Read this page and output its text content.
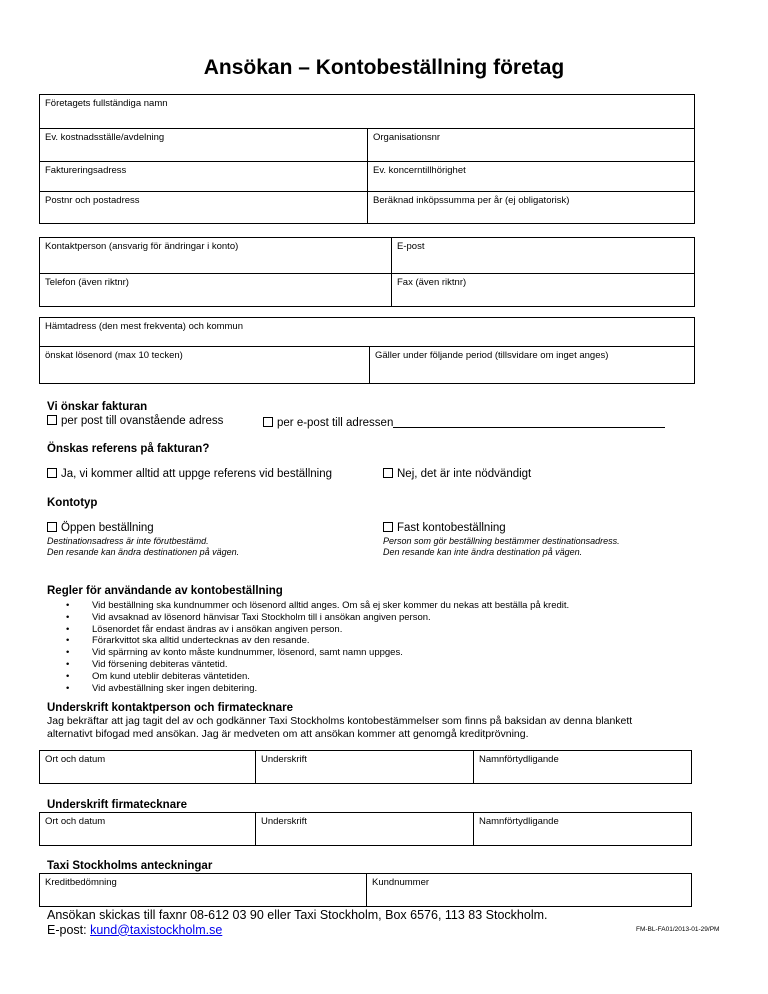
Ansökan – Kontobeställning företag
Företagets fullständiga namn
Ev. kostnadsställe/avdelning	Organisationsnr
Faktureringsadress	Ev. koncerntillhörighet
Postnr och postadress	Beräknad inköpssumma per år (ej obligatorisk)
Kontaktperson (ansvarig för ändringar i konto)	E-post
Telefon (även riktnr)	Fax (även riktnr)
Hämtadress (den mest frekventa) och kommun
önskat lösenord (max 10 tecken)	Gäller under följande period (tillsvidare om inget anges)
Vi önskar fakturan
per post till ovanstående adress	per e-post till adressen
Önskas referens på fakturan?
Ja, vi kommer alltid att uppge referens vid beställning	Nej, det är inte nödvändigt
Kontotyp
Öppen beställning
Destinationsadress är inte förutbestämd.
Den resande kan ändra destinationen på vägen.
Fast kontobeställning
Person som gör beställning bestämmer destinationsadress.
Den resande kan inte ändra destination på vägen.
Regler för användande av kontobeställning
• Vid beställning ska kundnummer och lösenord alltid anges. Om så ej sker kommer du nekas att beställa på kredit.
• Vid avsaknad av lösenord hänvisar Taxi Stockholm till i ansökan angiven person.
• Lösenordet får endast ändras av i ansökan angiven person.
• Förarkvittot ska alltid undertecknas av den resande.
• Vid spärrning av konto måste kundnummer, lösenord, samt namn uppges.
• Vid försening debiteras väntetid.
• Om kund uteblir debiteras väntetiden.
• Vid avbeställning sker ingen debitering.
Underskrift kontaktperson och firmatecknare
Jag bekräftar att jag tagit del av och godkänner Taxi Stockholms kontobestämmelser som finns på baksidan av denna blankett
alternativt bifogad med ansökan. Jag är medveten om att ansökan kommer att genomgå kreditprövning.
Ort och datum	Underskrift	Namnförtydligande
Underskrift firmatecknare
Ort och datum	Underskrift	Namnförtydligande
Taxi Stockholms anteckningar
Kreditbedömning	Kundnummer
Ansökan skickas till faxnr 08-612 03 90 eller Taxi Stockholm, Box 6576, 113 83 Stockholm.
E-post: kund@taxistockholm.se	FM-BL-FA01/2013-01-29/PM
